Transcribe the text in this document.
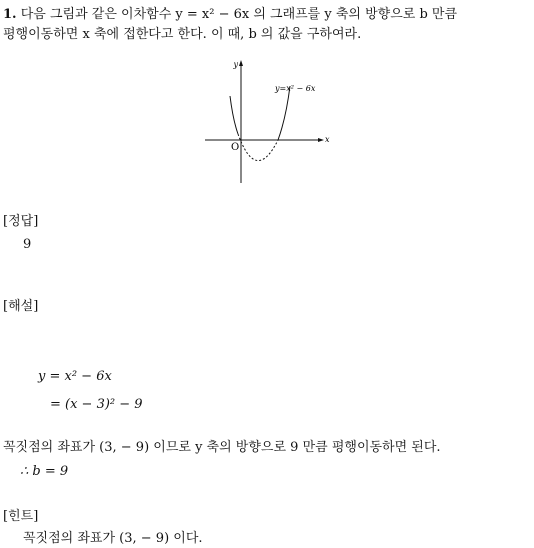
1. 다음 그림과 같은 이차함수 y = x² − 6x 의 그래프를 y 축의 방향으로 b 만큼
평행이동하면 x 축에 접한다고 한다. 이 때, b 의 값을 구하여라.
y
x
O
y=x² − 6x
[정답]
9
[해설]
y = x² − 6x
= (x − 3)² − 9
꼭짓점의 좌표가 (3, − 9) 이므로 y 축의 방향으로 9 만큼 평행이동하면 된다.
∴ b = 9
[힌트]
꼭짓점의 좌표가 (3, − 9) 이다.
